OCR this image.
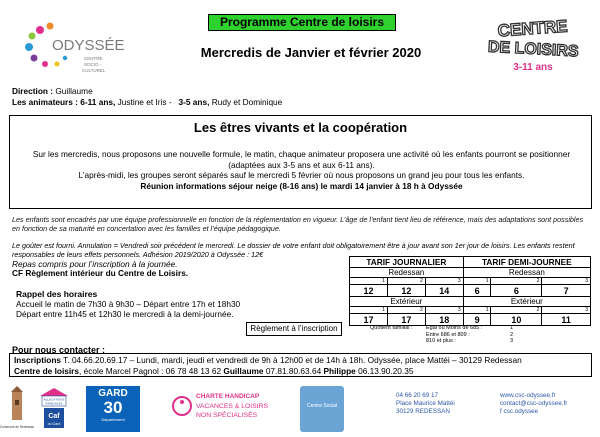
ODYSSÉE
CENTRE
SOCIO -
CULTUREL
Programme Centre de loisirs
Mercredis de Janvier et février 2020
CENTRE
DE LOISIRS
3-11 ans
Direction : Guillaume
Les animateurs : 6-11 ans, Justine et Iris - 3-5 ans, Rudy et Dominique
Les êtres vivants et la coopération
Sur les mercredis, nous proposons une nouvelle formule, le matin, chaque animateur proposera une activité où les enfants pourront se positionner (adaptées aux 3-5 ans et aux 6-11 ans).
L’après-midi, les groupes seront séparés sauf le mercredi 5 février où nous proposons un grand jeu pour tous les enfants.
Réunion informations séjour neige (8-16 ans) le mardi 14 janvier à 18 h à Odyssée
Les enfants sont encadrés par une équipe professionnelle en fonction de la réglementation en vigueur. L’âge de l’enfant tient lieu de référence, mais des adaptations sont possibles en fonction de sa maturité en concertation avec les familles et l’équipe pédagogique.
Le goûter est fourni. Annulation = Vendredi soir précédent le mercredi. Le dossier de votre enfant doit obligatoirement être à jour avant son 1er jour de loisirs. Les enfants restent responsables de leurs effets personnels. Adhésion 2019/2020 à Odyssée : 12€
Repas compris pour l’inscription à la journée.
CF Règlement intérieur du Centre de Loisirs.
TARIF JOURNALIER			TARIF DEMI-JOURNEE		
Redessan			Redessan		
1	2	3	1	2	3
12	12	14	6	6	7
Extérieur			Extérieur		
1	2	3	1	2	3
17	17	18	9	10	11
Quotient familial :	Egal ou Moins de 685 :	1
Entre 686 et 809 :	2
810 et plus :	3
Rappel des horaires
Accueil le matin de 7h30 à 9h30 – Départ entre 17h et 18h30
Départ entre 11h45 et 12h30 le mercredi à la demi-journée.
Règlement à l’inscription
Pour nous contacter :
Inscriptions T. 04.66.20.69.17 – Lundi, mardi, jeudi et vendredi de 9h à 12h00 et de 14h à 18h. Odyssée, place Mattéi – 30129 Redessan
Centre de loisirs, école Marcel Pagnol : 06 78 48 13 62 Guillaume 07.81.80.63.64 Philippe 06.13.90.20.35
Commune de Redessan
ALLOCATIONS
FAMILIALES
Caf
du Gard
GARD
30
Département
CHARTE HANDICAP
VACANCES & LOISIRS
NON SPÉCIALISÉS
Centre Social
04 66 20 69 17
Place Maurice Mattéi
30129 REDESSAN
www.csc-odyssee.fr
contact@csc-odyssee.fr
f csc.odyssee
